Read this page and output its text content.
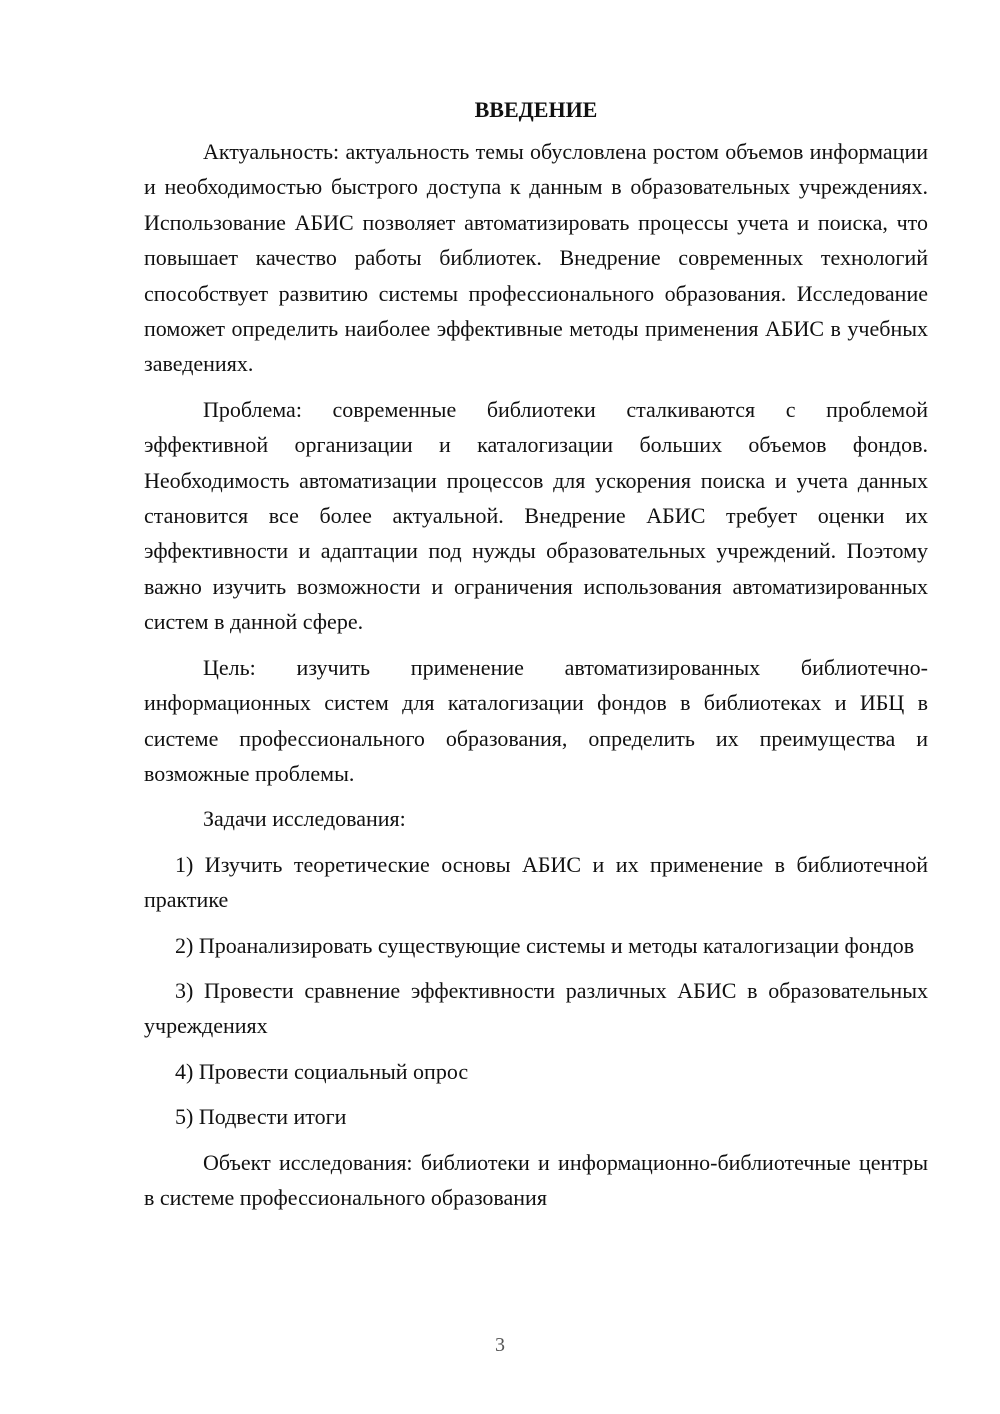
ВВЕДЕНИЕ

Актуальность: актуальность темы обусловлена ростом объемов информации и необходимостью быстрого доступа к данным в образовательных учреждениях. Использование АБИС позволяет автоматизировать процессы учета и поиска, что повышает качество работы библиотек. Внедрение современных технологий способствует развитию системы профессионального образования. Исследование поможет определить наиболее эффективные методы применения АБИС в учебных заведениях.

Проблема: современные библиотеки сталкиваются с проблемой эффективной организации и каталогизации больших объемов фондов. Необходимость автоматизации процессов для ускорения поиска и учета данных становится все более актуальной. Внедрение АБИС требует оценки их эффективности и адаптации под нужды образовательных учреждений. Поэтому важно изучить возможности и ограничения использования автоматизированных систем в данной сфере.

Цель: изучить применение автоматизированных библиотечно-информационных систем для каталогизации фондов в библиотеках и ИБЦ в системе профессионального образования, определить их преимущества и возможные проблемы.

Задачи исследования:

1) Изучить теоретические основы АБИС и их применение в библиотечной практике

2) Проанализировать существующие системы и методы каталогизации фондов

3) Провести сравнение эффективности различных АБИС в образовательных учреждениях

4) Провести социальный опрос

5) Подвести итоги

Объект исследования: библиотеки и информационно-библиотечные центры в системе профессионального образования

3
